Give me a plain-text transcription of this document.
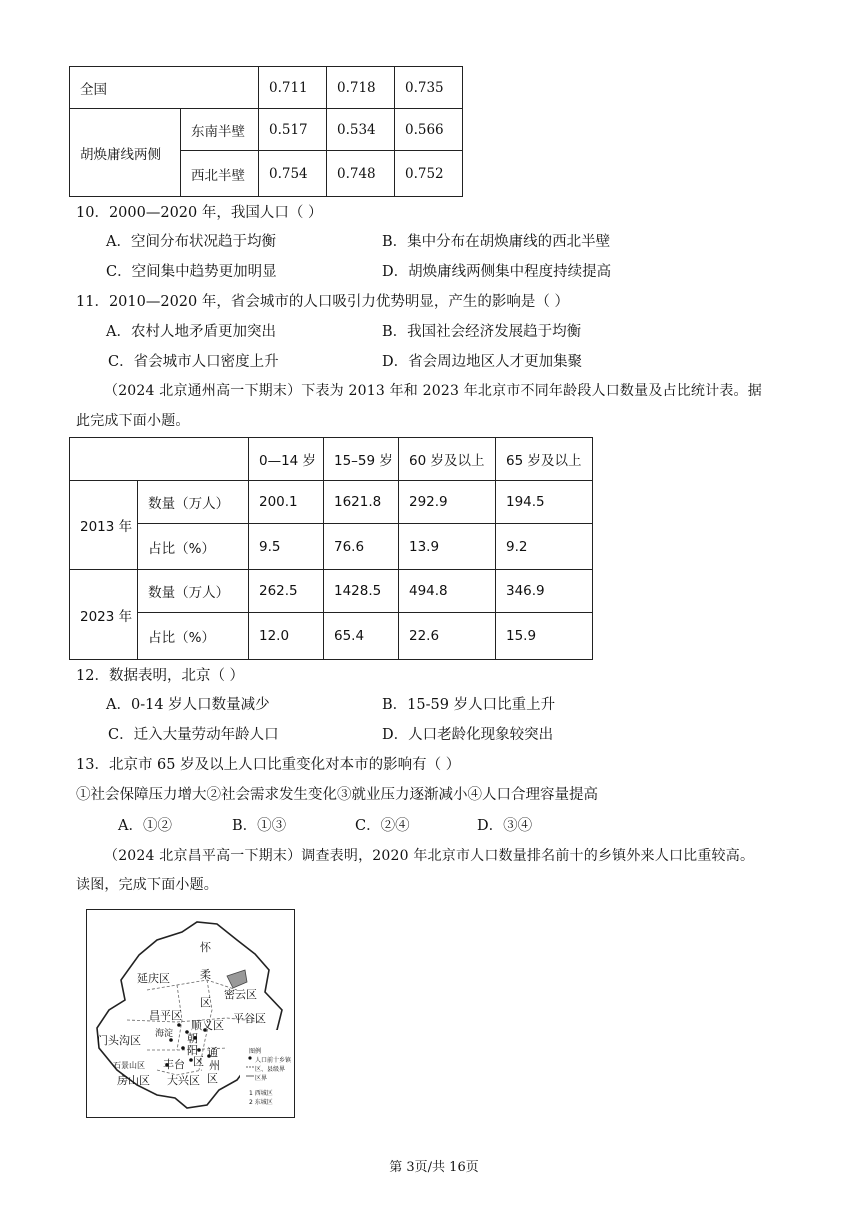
全国		0.711	0.718	0.735
胡焕庸线两侧	东南半壁	0.517	0.534	0.566
	西北半壁	0.754	0.748	0.752
10．2000—2020 年，我国人口（ ）
A．空间分布状况趋于均衡	B．集中分布在胡焕庸线的西北半壁
C．空间集中趋势更加明显	D．胡焕庸线两侧集中程度持续提高
11．2010—2020 年，省会城市的人口吸引力优势明显，产生的影响是（ ）
A．农村人地矛盾更加突出	B．我国社会经济发展趋于均衡
C．省会城市人口密度上升	D．省会周边地区人才更加集聚
（2024 北京通州高一下期末）下表为 2013 年和 2023 年北京市不同年龄段人口数量及占比统计表。据
此完成下面小题。
		0—14 岁	15–59 岁	60 岁及以上	65 岁及以上
2013 年	数量（万人）	200.1	1621.8	292.9	194.5
	占比（%）	9.5	76.6	13.9	9.2
2023 年	数量（万人）	262.5	1428.5	494.8	346.9
	占比（%）	12.0	65.4	22.6	15.9
12．数据表明，北京（ ）
A．0-14 岁人口数量减少	B．15-59 岁人口比重上升
C．迁入大量劳动年龄人口	D．人口老龄化现象较突出
13．北京市 65 岁及以上人口比重变化对本市的影响有（ ）
①社会保障压力增大②社会需求发生变化③就业压力逐渐减小④人口合理容量提高
A．①②	B．①③	C．②④	D．③④
（2024 北京昌平高一下期末）调查表明，2020 年北京市人口数量排名前十的乡镇外来人口比重较高。
读图，完成下面小题。
怀
延庆区	柔
区
密云区
昌平区
顺义区
平谷区
门头沟区 海淀 朝
阳
区
通
州
区
石景山区 丰台
房山区 大兴区
图例
人口前十乡镇
区、县级界
区界
1 西城区
2 东城区
第 3页/共 16页
